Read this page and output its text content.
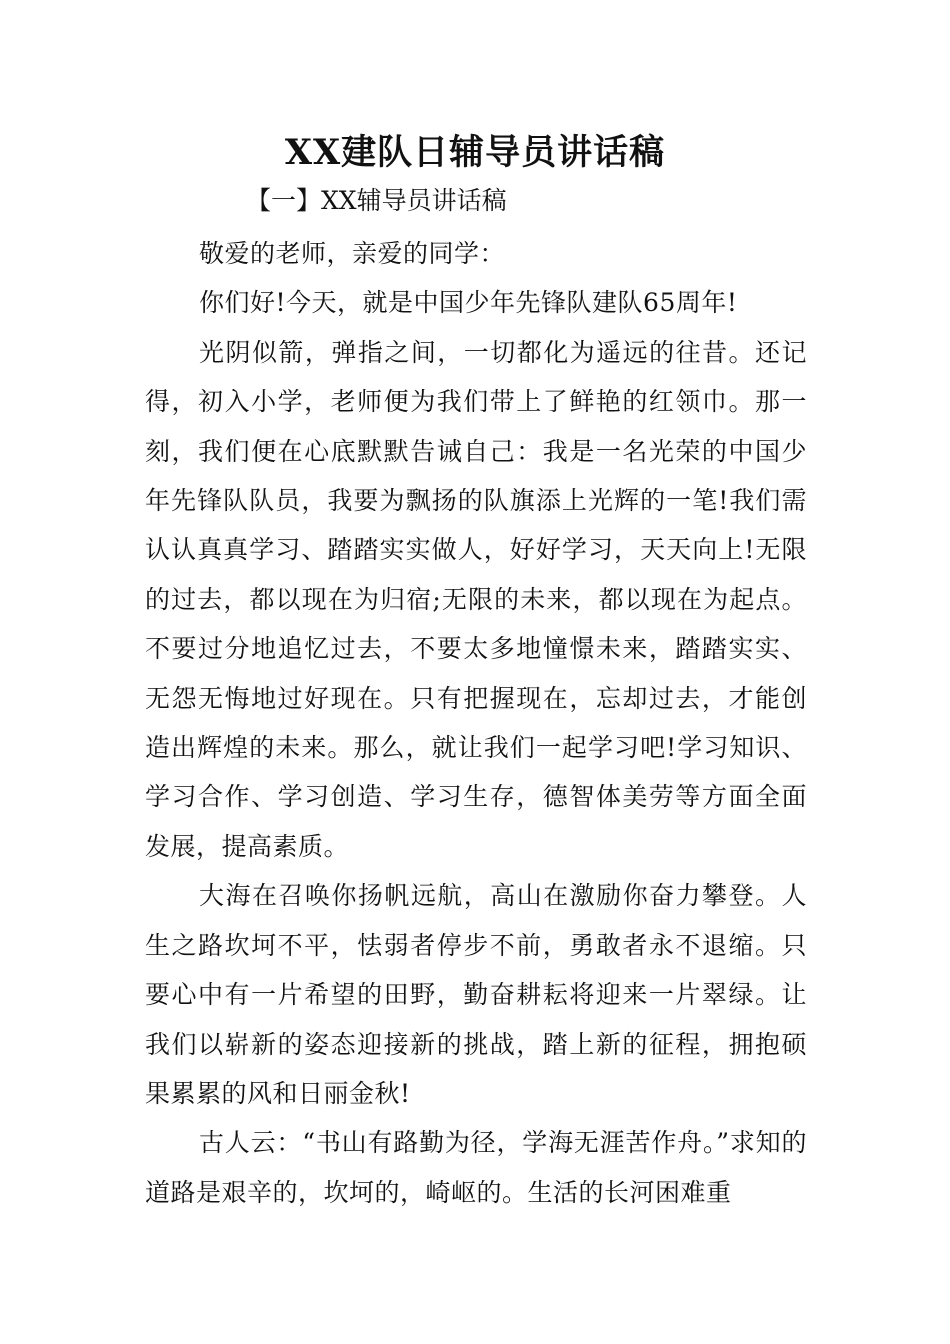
XX建队日辅导员讲话稿

【一】XX辅导员讲话稿

敬爱的老师，亲爱的同学：

你们好!今天，就是中国少年先锋队建队65周年!

光阴似箭，弹指之间，一切都化为遥远的往昔。还记得，初入小学，老师便为我们带上了鲜艳的红领巾。那一刻，我们便在心底默默告诫自己：我是一名光荣的中国少年先锋队队员，我要为飘扬的队旗添上光辉的一笔!我们需认认真真学习、踏踏实实做人，好好学习，天天向上!无限的过去，都以现在为归宿;无限的未来，都以现在为起点。不要过分地追忆过去，不要太多地憧憬未来，踏踏实实、无怨无悔地过好现在。只有把握现在，忘却过去，才能创造出辉煌的未来。那么，就让我们一起学习吧!学习知识、学习合作、学习创造、学习生存，德智体美劳等方面全面发展，提高素质。

大海在召唤你扬帆远航，高山在激励你奋力攀登。人生之路坎坷不平，怯弱者停步不前，勇敢者永不退缩。只要心中有一片希望的田野，勤奋耕耘将迎来一片翠绿。让我们以崭新的姿态迎接新的挑战，踏上新的征程，拥抱硕果累累的风和日丽金秋!

古人云：“书山有路勤为径，学海无涯苦作舟。”求知的道路是艰辛的，坎坷的，崎岖的。生活的长河困难重
